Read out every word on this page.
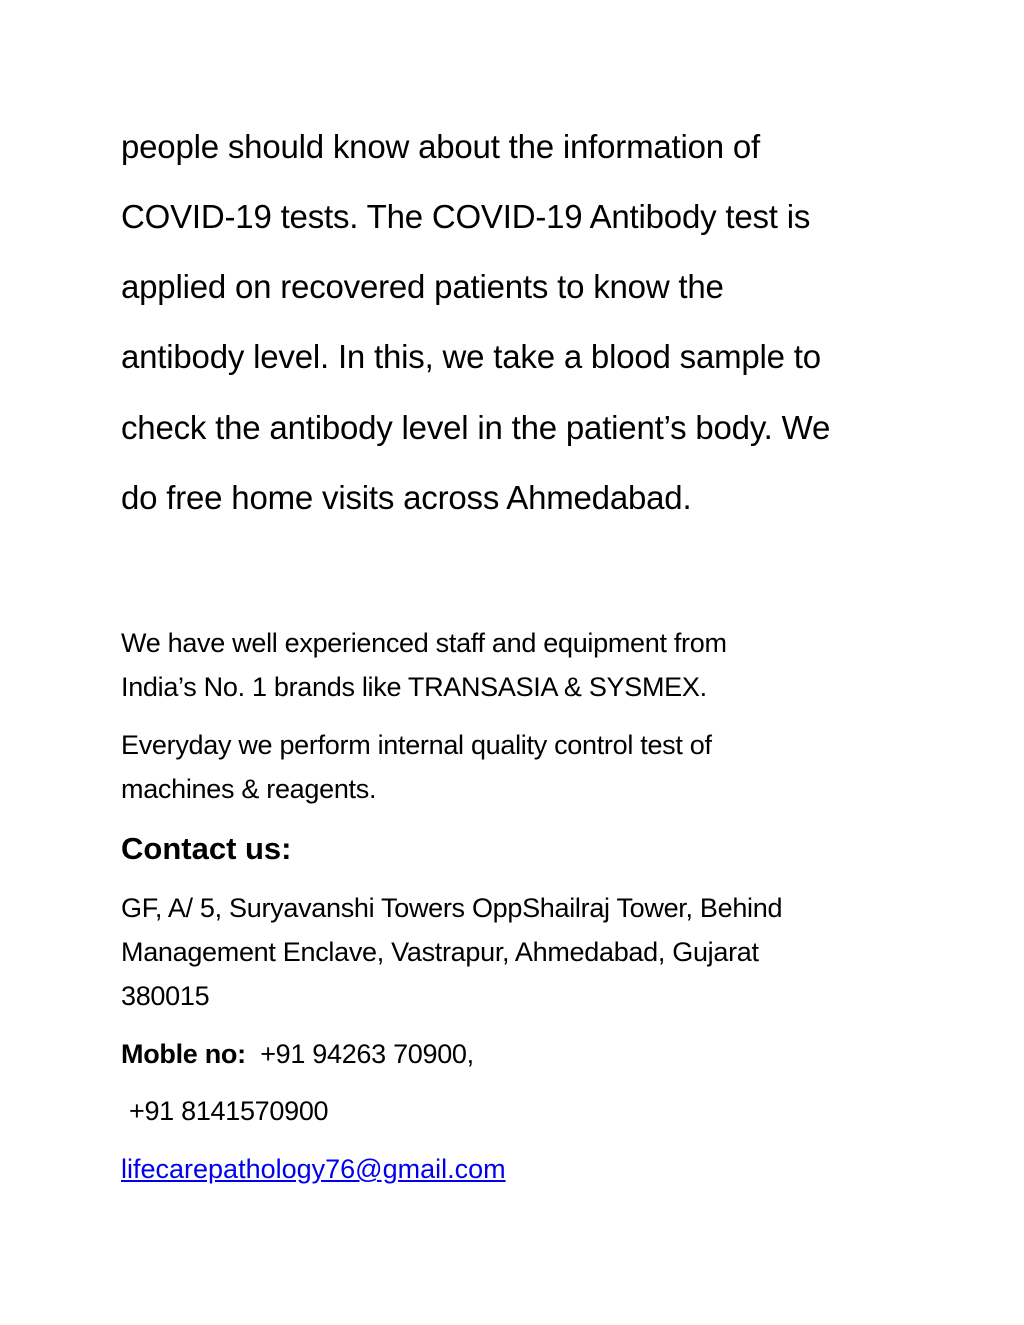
people should know about the information of
COVID-19 tests. The COVID-19 Antibody test is
applied on recovered patients to know the
antibody level. In this, we take a blood sample to
check the antibody level in the patient’s body. We
do free home visits across Ahmedabad.
We have well experienced staff and equipment from
India’s No. 1 brands like TRANSASIA & SYSMEX.
Everyday we perform internal quality control test of
machines & reagents.
Contact us:
GF, A/ 5, Suryavanshi Towers OppShailraj Tower, Behind
Management Enclave, Vastrapur, Ahmedabad, Gujarat
380015
Moble no: +91 94263 70900,
+91 8141570900
lifecarepathology76@gmail.com
